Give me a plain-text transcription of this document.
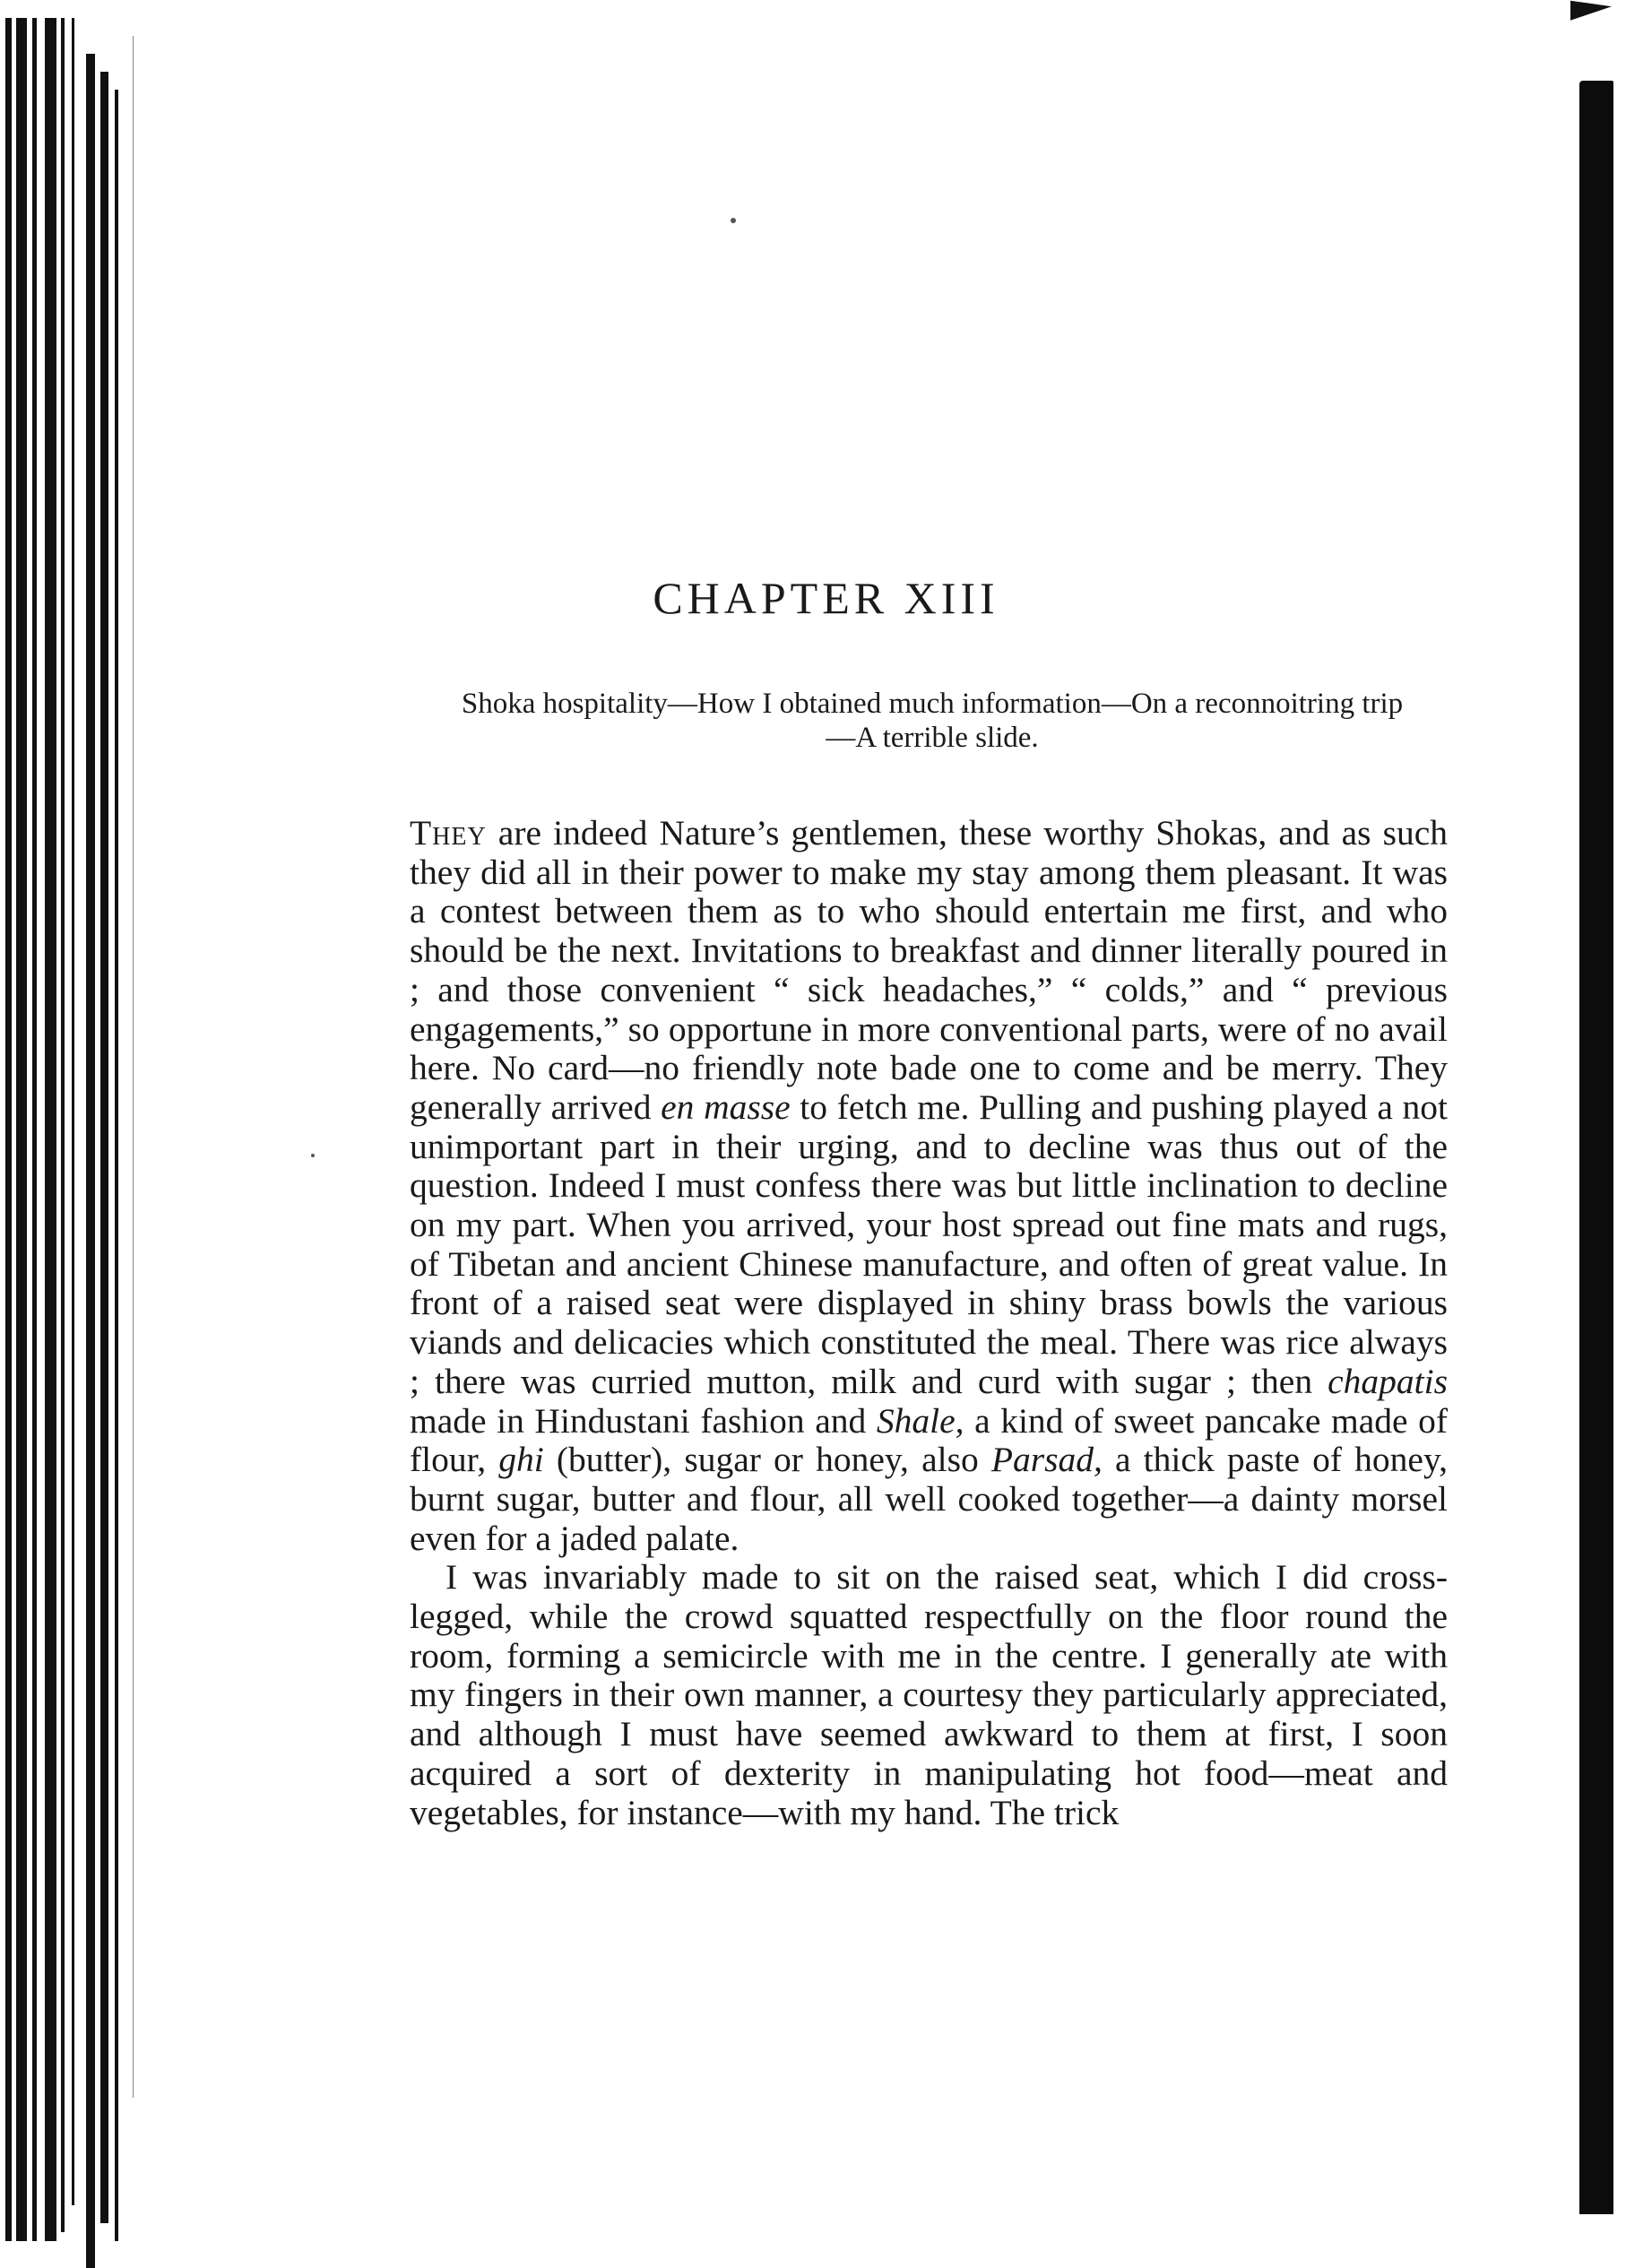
CHAPTER XIII

Shoka hospitality—How I obtained much information—On a reconnoitring trip—A terrible slide.

They are indeed Nature’s gentlemen, these worthy Shokas, and as such they did all in their power to make my stay among them pleasant. It was a contest between them as to who should entertain me first, and who should be the next. Invitations to breakfast and dinner literally poured in ; and those convenient “ sick headaches,” “ colds,” and “ previous engagements,” so opportune in more conventional parts, were of no avail here. No card—no friendly note bade one to come and be merry. They generally arrived en masse to fetch me. Pulling and pushing played a not unimportant part in their urging, and to decline was thus out of the question. Indeed I must confess there was but little inclination to decline on my part. When you arrived, your host spread out fine mats and rugs, of Tibetan and ancient Chinese manufacture, and often of great value. In front of a raised seat were displayed in shiny brass bowls the various viands and delicacies which constituted the meal. There was rice always ; there was curried mutton, milk and curd with sugar ; then chapatis made in Hindustani fashion and Shale, a kind of sweet pancake made of flour, ghi (butter), sugar or honey, also Parsad, a thick paste of honey, burnt sugar, butter and flour, all well cooked together—a dainty morsel even for a jaded palate.

I was invariably made to sit on the raised seat, which I did cross-legged, while the crowd squatted respectfully on the floor round the room, forming a semicircle with me in the centre. I generally ate with my fingers in their own manner, a courtesy they particularly appreciated, and although I must have seemed awkward to them at first, I soon acquired a sort of dexterity in manipulating hot food—meat and vegetables, for instance—with my hand. The trick
